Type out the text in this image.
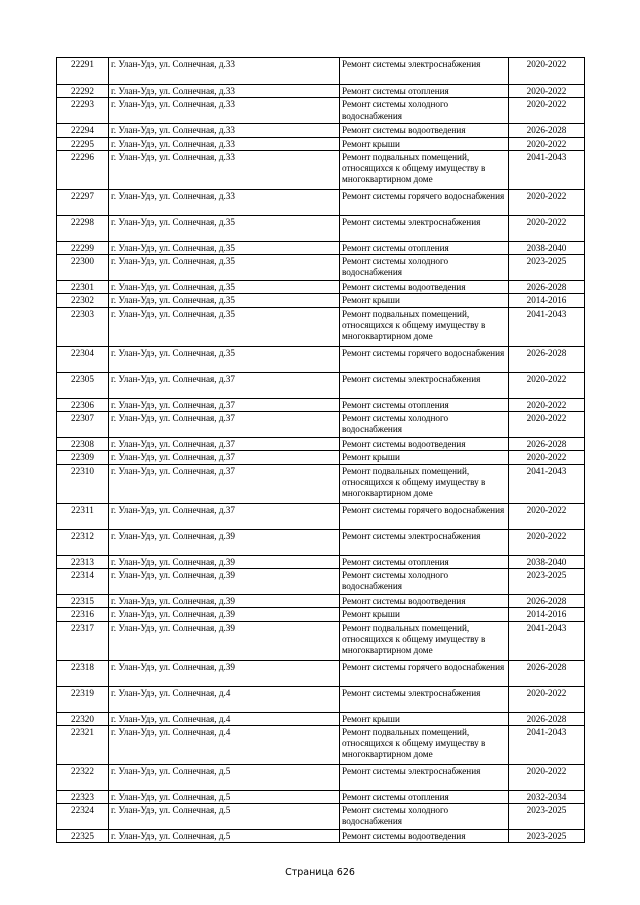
22291	г. Улан-Удэ, ул. Солнечная, д.33	Ремонт системы электроснабжения	2020-2022
22292	г. Улан-Удэ, ул. Солнечная, д.33	Ремонт системы отопления	2020-2022
22293	г. Улан-Удэ, ул. Солнечная, д.33	Ремонт системы холодного водоснабжения	2020-2022
22294	г. Улан-Удэ, ул. Солнечная, д.33	Ремонт системы водоотведения	2026-2028
22295	г. Улан-Удэ, ул. Солнечная, д.33	Ремонт крыши	2020-2022
22296	г. Улан-Удэ, ул. Солнечная, д.33	Ремонт подвальных помещений, относящихся к общему имуществу в многоквартирном доме	2041-2043
22297	г. Улан-Удэ, ул. Солнечная, д.33	Ремонт системы горячего водоснабжения	2020-2022
22298	г. Улан-Удэ, ул. Солнечная, д.35	Ремонт системы электроснабжения	2020-2022
22299	г. Улан-Удэ, ул. Солнечная, д.35	Ремонт системы отопления	2038-2040
22300	г. Улан-Удэ, ул. Солнечная, д.35	Ремонт системы холодного водоснабжения	2023-2025
22301	г. Улан-Удэ, ул. Солнечная, д.35	Ремонт системы водоотведения	2026-2028
22302	г. Улан-Удэ, ул. Солнечная, д.35	Ремонт крыши	2014-2016
22303	г. Улан-Удэ, ул. Солнечная, д.35	Ремонт подвальных помещений, относящихся к общему имуществу в многоквартирном доме	2041-2043
22304	г. Улан-Удэ, ул. Солнечная, д.35	Ремонт системы горячего водоснабжения	2026-2028
22305	г. Улан-Удэ, ул. Солнечная, д.37	Ремонт системы электроснабжения	2020-2022
22306	г. Улан-Удэ, ул. Солнечная, д.37	Ремонт системы отопления	2020-2022
22307	г. Улан-Удэ, ул. Солнечная, д.37	Ремонт системы холодного водоснабжения	2020-2022
22308	г. Улан-Удэ, ул. Солнечная, д.37	Ремонт системы водоотведения	2026-2028
22309	г. Улан-Удэ, ул. Солнечная, д.37	Ремонт крыши	2020-2022
22310	г. Улан-Удэ, ул. Солнечная, д.37	Ремонт подвальных помещений, относящихся к общему имуществу в многоквартирном доме	2041-2043
22311	г. Улан-Удэ, ул. Солнечная, д.37	Ремонт системы горячего водоснабжения	2020-2022
22312	г. Улан-Удэ, ул. Солнечная, д.39	Ремонт системы электроснабжения	2020-2022
22313	г. Улан-Удэ, ул. Солнечная, д.39	Ремонт системы отопления	2038-2040
22314	г. Улан-Удэ, ул. Солнечная, д.39	Ремонт системы холодного водоснабжения	2023-2025
22315	г. Улан-Удэ, ул. Солнечная, д.39	Ремонт системы водоотведения	2026-2028
22316	г. Улан-Удэ, ул. Солнечная, д.39	Ремонт крыши	2014-2016
22317	г. Улан-Удэ, ул. Солнечная, д.39	Ремонт подвальных помещений, относящихся к общему имуществу в многоквартирном доме	2041-2043
22318	г. Улан-Удэ, ул. Солнечная, д.39	Ремонт системы горячего водоснабжения	2026-2028
22319	г. Улан-Удэ, ул. Солнечная, д.4	Ремонт системы электроснабжения	2020-2022
22320	г. Улан-Удэ, ул. Солнечная, д.4	Ремонт крыши	2026-2028
22321	г. Улан-Удэ, ул. Солнечная, д.4	Ремонт подвальных помещений, относящихся к общему имуществу в многоквартирном доме	2041-2043
22322	г. Улан-Удэ, ул. Солнечная, д.5	Ремонт системы электроснабжения	2020-2022
22323	г. Улан-Удэ, ул. Солнечная, д.5	Ремонт системы отопления	2032-2034
22324	г. Улан-Удэ, ул. Солнечная, д.5	Ремонт системы холодного водоснабжения	2023-2025
22325	г. Улан-Удэ, ул. Солнечная, д.5	Ремонт системы водоотведения	2023-2025
Страница 626
